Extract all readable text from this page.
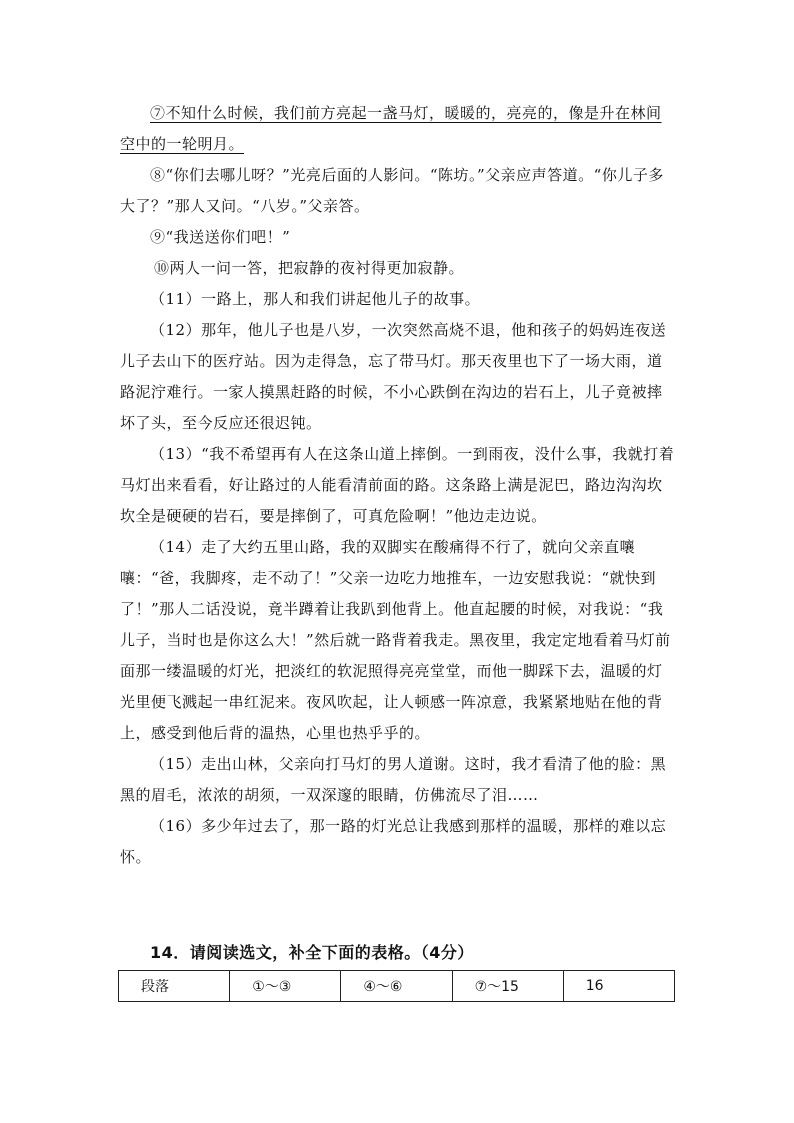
⑦不知什么时候，我们前方亮起一盏马灯，暖暖的，亮亮的，像是升在林间空中的一轮明月。

⑧“你们去哪儿呀？”光亮后面的人影问。“陈坊。”父亲应声答道。“你儿子多大了？”那人又问。“八岁。”父亲答。

⑨“我送送你们吧！”

⑩两人一问一答，把寂静的夜衬得更加寂静。

（11）一路上，那人和我们讲起他儿子的故事。

（12）那年，他儿子也是八岁，一次突然高烧不退，他和孩子的妈妈连夜送儿子去山下的医疗站。因为走得急，忘了带马灯。那天夜里也下了一场大雨，道路泥泞难行。一家人摸黑赶路的时候，不小心跌倒在沟边的岩石上，儿子竟被摔坏了头，至今反应还很迟钝。

（13）“我不希望再有人在这条山道上摔倒。一到雨夜，没什么事，我就打着马灯出来看看，好让路过的人能看清前面的路。这条路上满是泥巴，路边沟沟坎坎全是硬硬的岩石，要是摔倒了，可真危险啊！”他边走边说。

（14）走了大约五里山路，我的双脚实在酸痛得不行了，就向父亲直嚷嚷：“爸，我脚疼，走不动了！”父亲一边吃力地推车，一边安慰我说：“就快到了！”那人二话没说，竟半蹲着让我趴到他背上。他直起腰的时候，对我说：“我儿子，当时也是你这么大！”然后就一路背着我走。黑夜里，我定定地看着马灯前面那一缕温暖的灯光，把淡红的软泥照得亮亮堂堂，而他一脚踩下去，温暖的灯光里便飞溅起一串红泥来。夜风吹起，让人顿感一阵凉意，我紧紧地贴在他的背上，感受到他后背的温热，心里也热乎乎的。

（15）走出山林，父亲向打马灯的男人道谢。这时，我才看清了他的脸：黑黑的眉毛，浓浓的胡须，一双深邃的眼睛，仿佛流尽了泪……

（16）多少年过去了，那一路的灯光总让我感到那样的温暖，那样的难以忘怀。

14．请阅读选文，补全下面的表格。（4分）
段落	①～③	④～⑥	⑦～15	16
